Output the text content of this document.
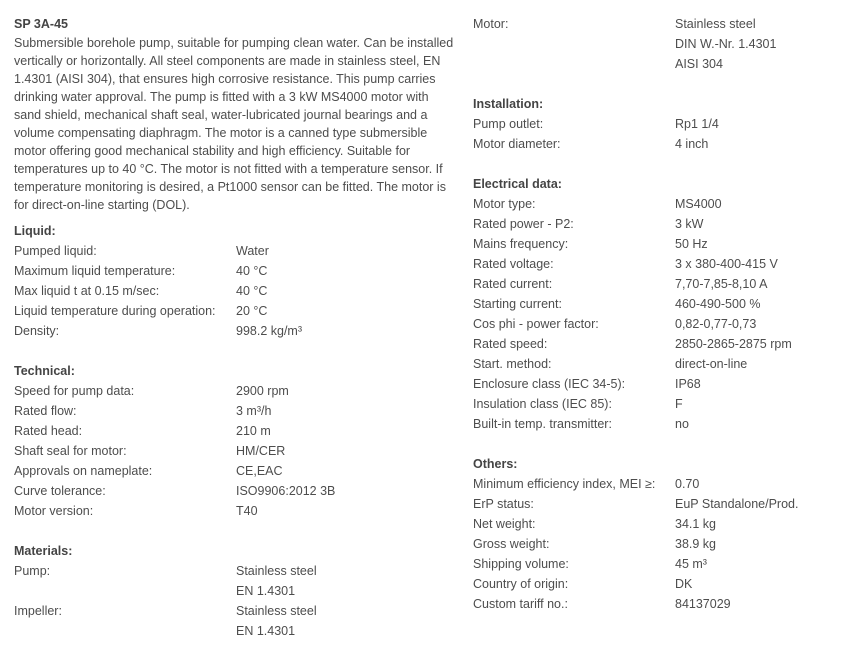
SP 3A-45

Submersible borehole pump, suitable for pumping clean water. Can be installed vertically or horizontally. All steel components are made in stainless steel, EN 1.4301 (AISI 304), that ensures high corrosive resistance. This pump carries drinking water approval. The pump is fitted with a 3 kW MS4000 motor with sand shield, mechanical shaft seal, water-lubricated journal bearings and a volume compensating diaphragm. The motor is a canned type submersible motor offering good mechanical stability and high efficiency. Suitable for temperatures up to 40 °C. The motor is not fitted with a temperature sensor. If temperature monitoring is desired, a Pt1000 sensor can be fitted. The motor is for direct-on-line starting (DOL).

Liquid:
Pumped liquid:	Water
Maximum liquid temperature:	40 °C
Max liquid t at 0.15 m/sec:	40 °C
Liquid temperature during operation:	20 °C
Density:	998.2 kg/m³
Technical:
Speed for pump data:	2900 rpm
Rated flow:	3 m³/h
Rated head:	210 m
Shaft seal for motor:	HM/CER
Approvals on nameplate:	CE,EAC
Curve tolerance:	ISO9906:2012 3B
Motor version:	T40
Materials:
Pump:	Stainless steel
EN 1.4301
Impeller:	Stainless steel
EN 1.4301
Motor:	Stainless steel
DIN W.-Nr. 1.4301
AISI 304
Installation:
Pump outlet:	Rp1 1/4
Motor diameter:	4 inch
Electrical data:
Motor type:	MS4000
Rated power - P2:	3 kW
Mains frequency:	50 Hz
Rated voltage:	3 x 380-400-415 V
Rated current:	7,70-7,85-8,10 A
Starting current:	460-490-500 %
Cos phi - power factor:	0,82-0,77-0,73
Rated speed:	2850-2865-2875 rpm
Start. method:	direct-on-line
Enclosure class (IEC 34-5):	IP68
Insulation class (IEC 85):	F
Built-in temp. transmitter:	no
Others:
Minimum efficiency index, MEI ≥:	0.70
ErP status:	EuP Standalone/Prod.
Net weight:	34.1 kg
Gross weight:	38.9 kg
Shipping volume:	45 m³
Country of origin:	DK
Custom tariff no.:	84137029
